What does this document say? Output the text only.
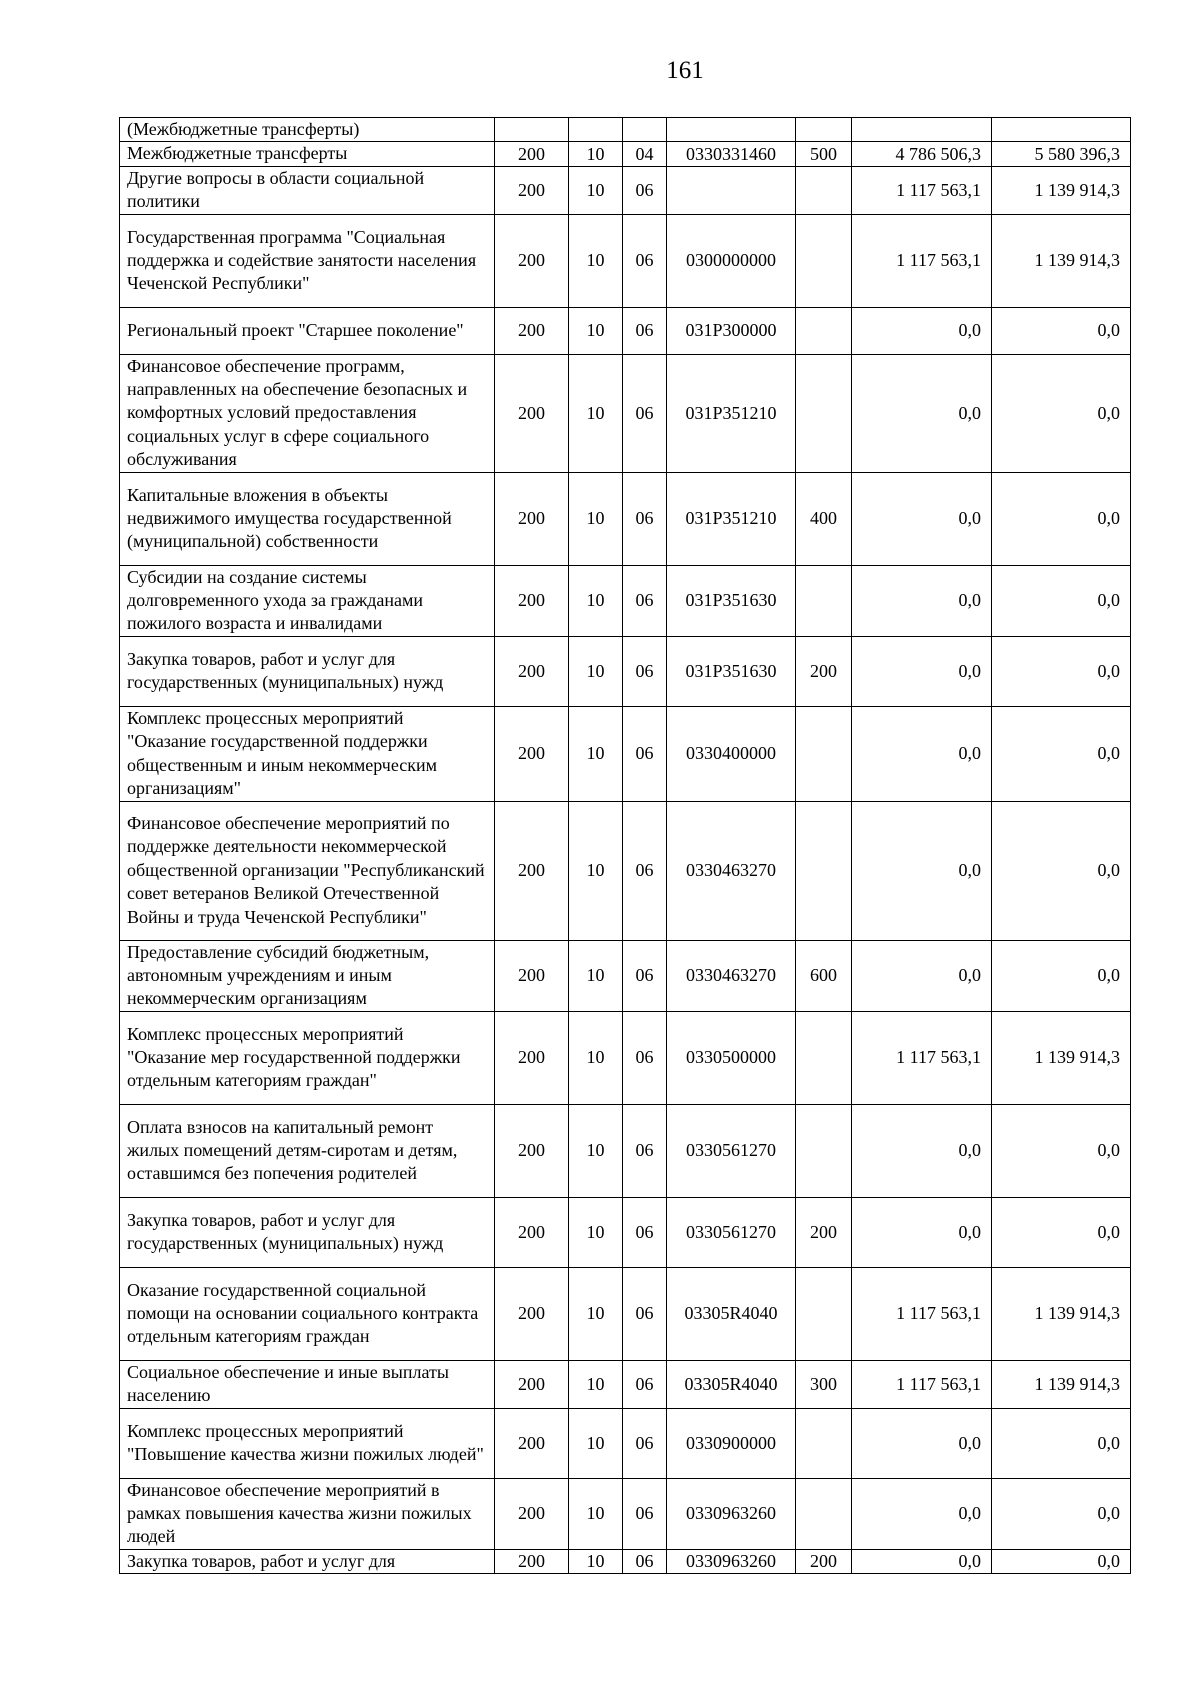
161
(Межбюджетные трансферты)							
Межбюджетные трансферты	200	10	04	0330331460	500	4 786 506,3	5 580 396,3
Другие вопросы в области социальной политики	200	10	06			1 117 563,1	1 139 914,3
Государственная программа "Социальная поддержка и содействие занятости населения Чеченской Республики"	200	10	06	0300000000		1 117 563,1	1 139 914,3
Региональный проект "Старшее поколение"	200	10	06	031P300000		0,0	0,0
Финансовое обеспечение программ, направленных на обеспечение безопасных и комфортных условий предоставления социальных услуг в сфере социального обслуживания	200	10	06	031P351210		0,0	0,0
Капитальные вложения в объекты недвижимого имущества государственной (муниципальной) собственности	200	10	06	031P351210	400	0,0	0,0
Субсидии на создание системы долговременного ухода за гражданами пожилого возраста и инвалидами	200	10	06	031P351630		0,0	0,0
Закупка товаров, работ и услуг для государственных (муниципальных) нужд	200	10	06	031P351630	200	0,0	0,0
Комплекс процессных мероприятий "Оказание государственной поддержки общественным и иным некоммерческим организациям"	200	10	06	0330400000		0,0	0,0
Финансовое обеспечение мероприятий по поддержке деятельности некоммерческой общественной организации "Республиканский совет ветеранов Великой Отечественной Войны и труда Чеченской Республики"	200	10	06	0330463270		0,0	0,0
Предоставление субсидий бюджетным, автономным учреждениям и иным некоммерческим организациям	200	10	06	0330463270	600	0,0	0,0
Комплекс процессных мероприятий "Оказание мер государственной поддержки отдельным категориям граждан"	200	10	06	0330500000		1 117 563,1	1 139 914,3
Оплата взносов на капитальный ремонт жилых помещений детям-сиротам и детям, оставшимся без попечения родителей	200	10	06	0330561270		0,0	0,0
Закупка товаров, работ и услуг для государственных (муниципальных) нужд	200	10	06	0330561270	200	0,0	0,0
Оказание государственной социальной помощи на основании социального контракта отдельным категориям граждан	200	10	06	03305R4040		1 117 563,1	1 139 914,3
Социальное обеспечение и иные выплаты населению	200	10	06	03305R4040	300	1 117 563,1	1 139 914,3
Комплекс процессных мероприятий "Повышение качества жизни пожилых людей"	200	10	06	0330900000		0,0	0,0
Финансовое обеспечение мероприятий в рамках повышения качества жизни пожилых людей	200	10	06	0330963260		0,0	0,0
Закупка товаров, работ и услуг для	200	10	06	0330963260	200	0,0	0,0
